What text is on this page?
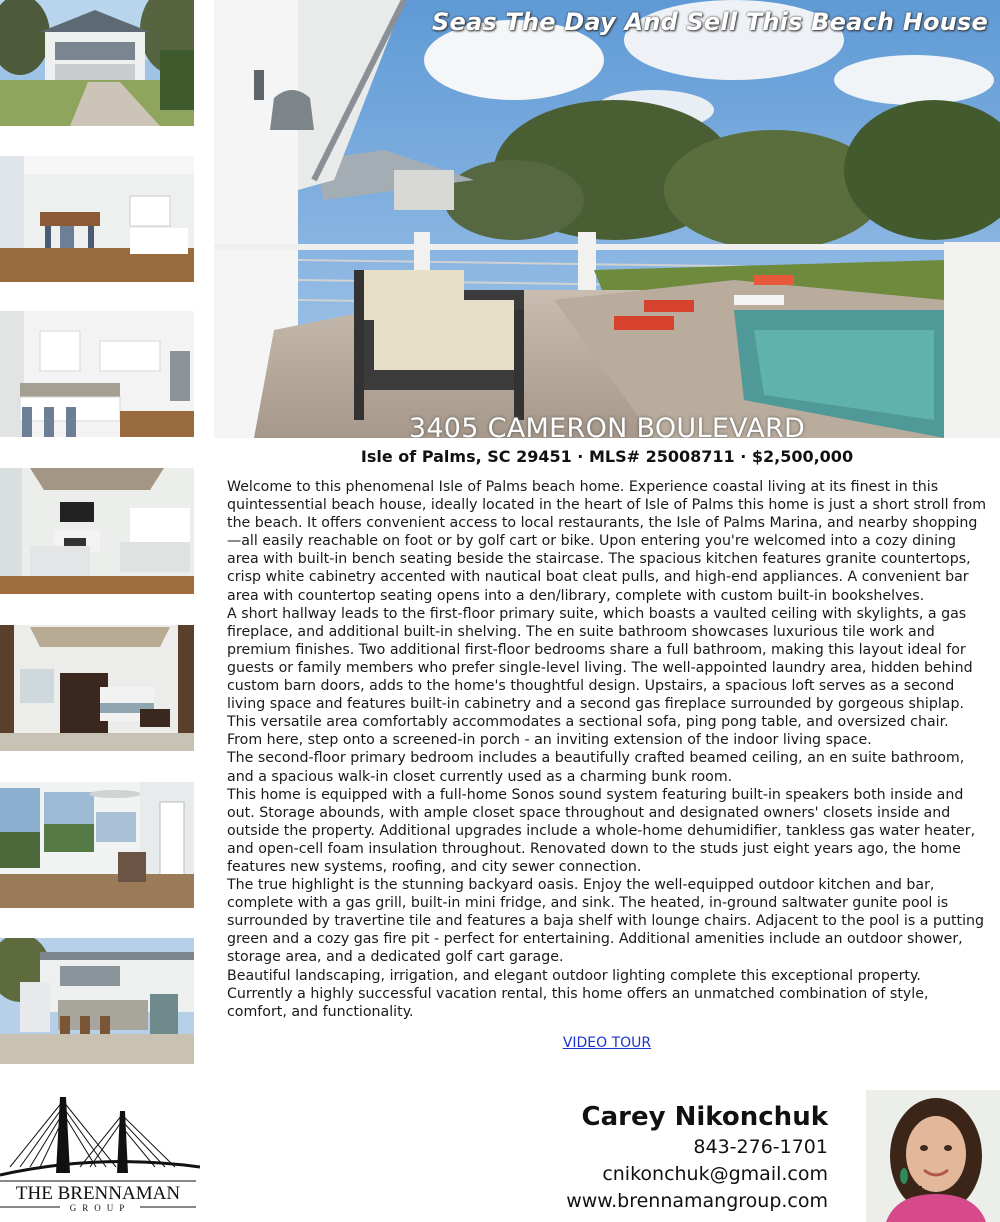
Seas The Day And Sell This Beach House
3405 CAMERON BOULEVARD
Isle of Palms, SC 29451 · MLS# 25008711 · $2,500,000

Welcome to this phenomenal Isle of Palms beach home. Experience coastal living at its finest in this quintessential beach house, ideally located in the heart of Isle of Palms this home is just a short stroll from the beach. It offers convenient access to local restaurants, the Isle of Palms Marina, and nearby shopping—all easily reachable on foot or by golf cart or bike. Upon entering you're welcomed into a cozy dining area with built-in bench seating beside the staircase. The spacious kitchen features granite countertops, crisp white cabinetry accented with nautical boat cleat pulls, and high-end appliances. A convenient bar area with countertop seating opens into a den/library, complete with custom built-in bookshelves.

A short hallway leads to the first-floor primary suite, which boasts a vaulted ceiling with skylights, a gas fireplace, and additional built-in shelving. The en suite bathroom showcases luxurious tile work and premium finishes. Two additional first-floor bedrooms share a full bathroom, making this layout ideal for guests or family members who prefer single-level living. The well-appointed laundry area, hidden behind custom barn doors, adds to the home's thoughtful design. Upstairs, a spacious loft serves as a second living space and features built-in cabinetry and a second gas fireplace surrounded by gorgeous shiplap. This versatile area comfortably accommodates a sectional sofa, ping pong table, and oversized chair. From here, step onto a screened-in porch - an inviting extension of the indoor living space.

The second-floor primary bedroom includes a beautifully crafted beamed ceiling, an en suite bathroom, and a spacious walk-in closet currently used as a charming bunk room.

This home is equipped with a full-home Sonos sound system featuring built-in speakers both inside and out. Storage abounds, with ample closet space throughout and designated owners' closets inside and outside the property. Additional upgrades include a whole-home dehumidifier, tankless gas water heater, and open-cell foam insulation throughout. Renovated down to the studs just eight years ago, the home features new systems, roofing, and city sewer connection.

The true highlight is the stunning backyard oasis. Enjoy the well-equipped outdoor kitchen and bar, complete with a gas grill, built-in mini fridge, and sink. The heated, in-ground saltwater gunite pool is surrounded by travertine tile and features a baja shelf with lounge chairs. Adjacent to the pool is a putting green and a cozy gas fire pit - perfect for entertaining. Additional amenities include an outdoor shower, storage area, and a dedicated golf cart garage.

Beautiful landscaping, irrigation, and elegant outdoor lighting complete this exceptional property. Currently a highly successful vacation rental, this home offers an unmatched combination of style, comfort, and functionality.

VIDEO TOUR
THE BRENNAMAN
GROUP
Carey Nikonchuk
843-276-1701
cnikonchuk@gmail.com
www.brennamangroup.com
